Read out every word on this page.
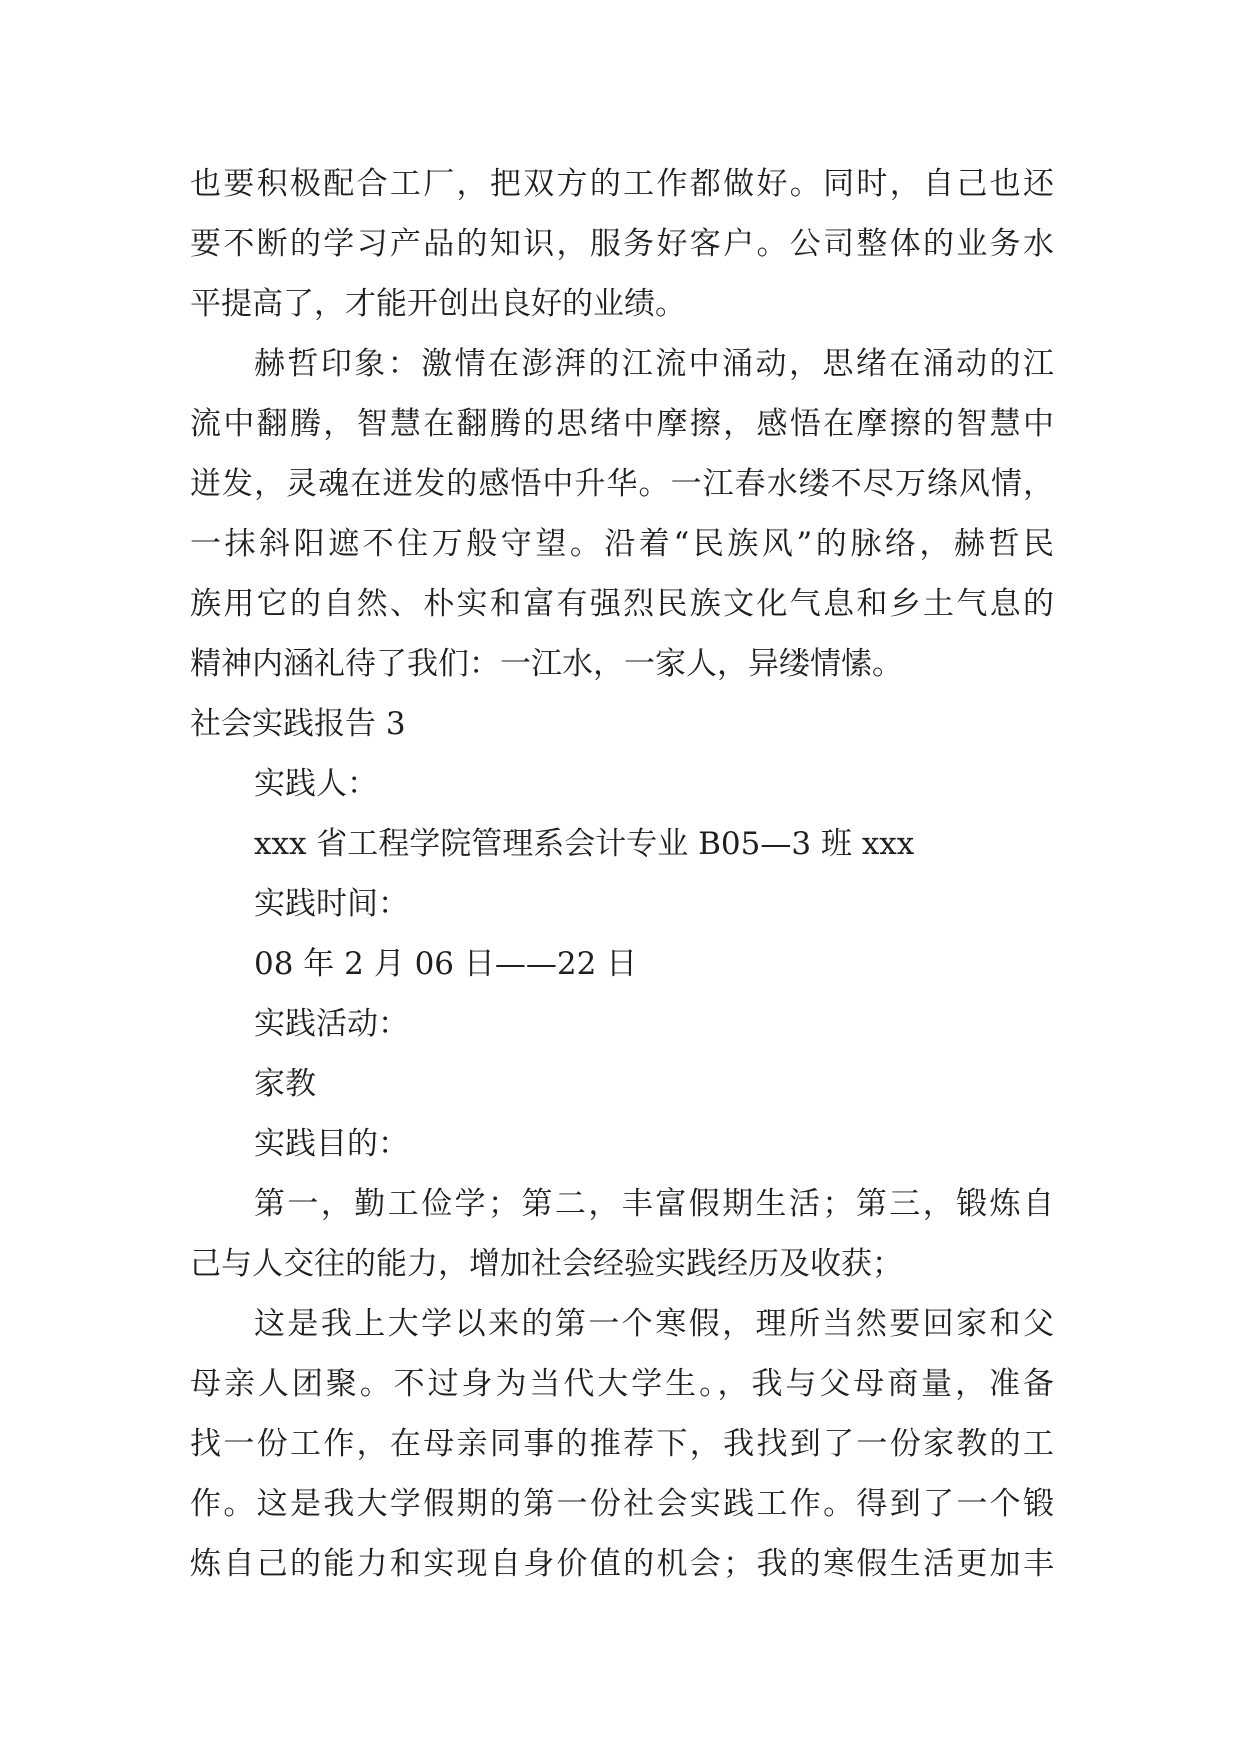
也要积极配合工厂，把双方的工作都做好。同时，自己也还
要不断的学习产品的知识，服务好客户。公司整体的业务水
平提高了，才能开创出良好的业绩。
赫哲印象：激情在澎湃的江流中涌动，思绪在涌动的江
流中翻腾，智慧在翻腾的思绪中摩擦，感悟在摩擦的智慧中
迸发，灵魂在迸发的感悟中升华。一江春水缕不尽万绦风情，
一抹斜阳遮不住万般守望。沿着“民族风”的脉络，赫哲民
族用它的自然、朴实和富有强烈民族文化气息和乡土气息的
精神内涵礼待了我们：一江水，一家人，异缕情愫。
社会实践报告 3
实践人：
xxx 省工程学院管理系会计专业 B05—3 班 xxx
实践时间：
08 年 2 月 06 日——22 日
实践活动：
家教
实践目的：
第一，勤工俭学；第二，丰富假期生活；第三，锻炼自
己与人交往的能力，增加社会经验实践经历及收获；
这是我上大学以来的第一个寒假，理所当然要回家和父
母亲人团聚。不过身为当代大学生。，我与父母商量，准备
找一份工作，在母亲同事的推荐下，我找到了一份家教的工
作。这是我大学假期的第一份社会实践工作。得到了一个锻
炼自己的能力和实现自身价值的机会；我的寒假生活更加丰
